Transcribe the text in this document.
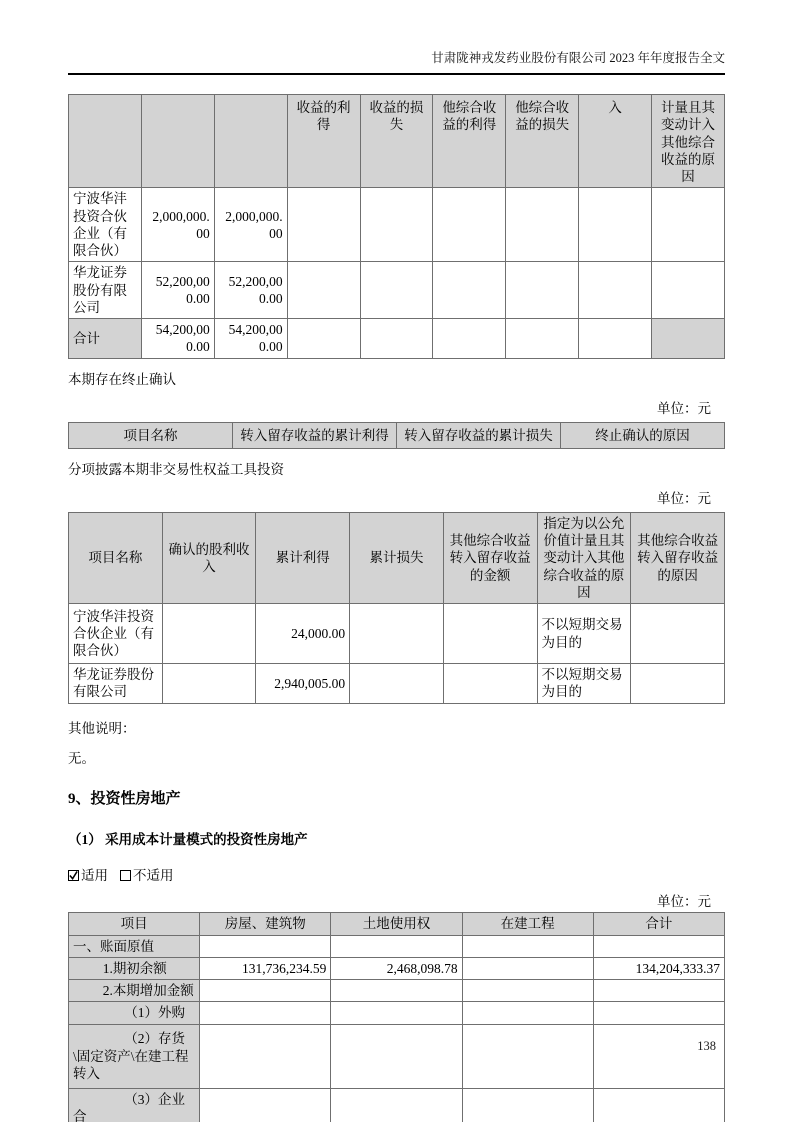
甘肃陇神戎发药业股份有限公司 2023 年年度报告全文
			收益的利得	收益的损失	他综合收益的利得	他综合收益的损失	入	计量且其变动计入其他综合收益的原因
宁波华沣投资合伙企业（有限合伙）	2,000,000.00	2,000,000.00						
华龙证券股份有限公司	52,200,000.00	52,200,000.00						
合计	54,200,000.00	54,200,000.00						

本期存在终止确认

单位：元
项目名称	转入留存收益的累计利得	转入留存收益的累计损失	终止确认的原因

分项披露本期非交易性权益工具投资

单位：元
项目名称	确认的股利收入	累计利得	累计损失	其他综合收益转入留存收益的金额	指定为以公允价值计量且其变动计入其他综合收益的原因	其他综合收益转入留存收益的原因
宁波华沣投资合伙企业（有限合伙）		24,000.00			不以短期交易为目的	
华龙证券股份有限公司		2,940,005.00			不以短期交易为目的	

其他说明：

无。

9、投资性房地产
（1） 采用成本计量模式的投资性房地产
适用 不适用
单位：元
项目	房屋、建筑物	土地使用权	在建工程	合计
一、账面原值				
1.期初余额	131,736,234.59	2,468,098.78		134,204,333.37
2.本期增加金额				
（1）外购				
（2）存货\固定资产\在建工程转入				
（3）企业合				
138
